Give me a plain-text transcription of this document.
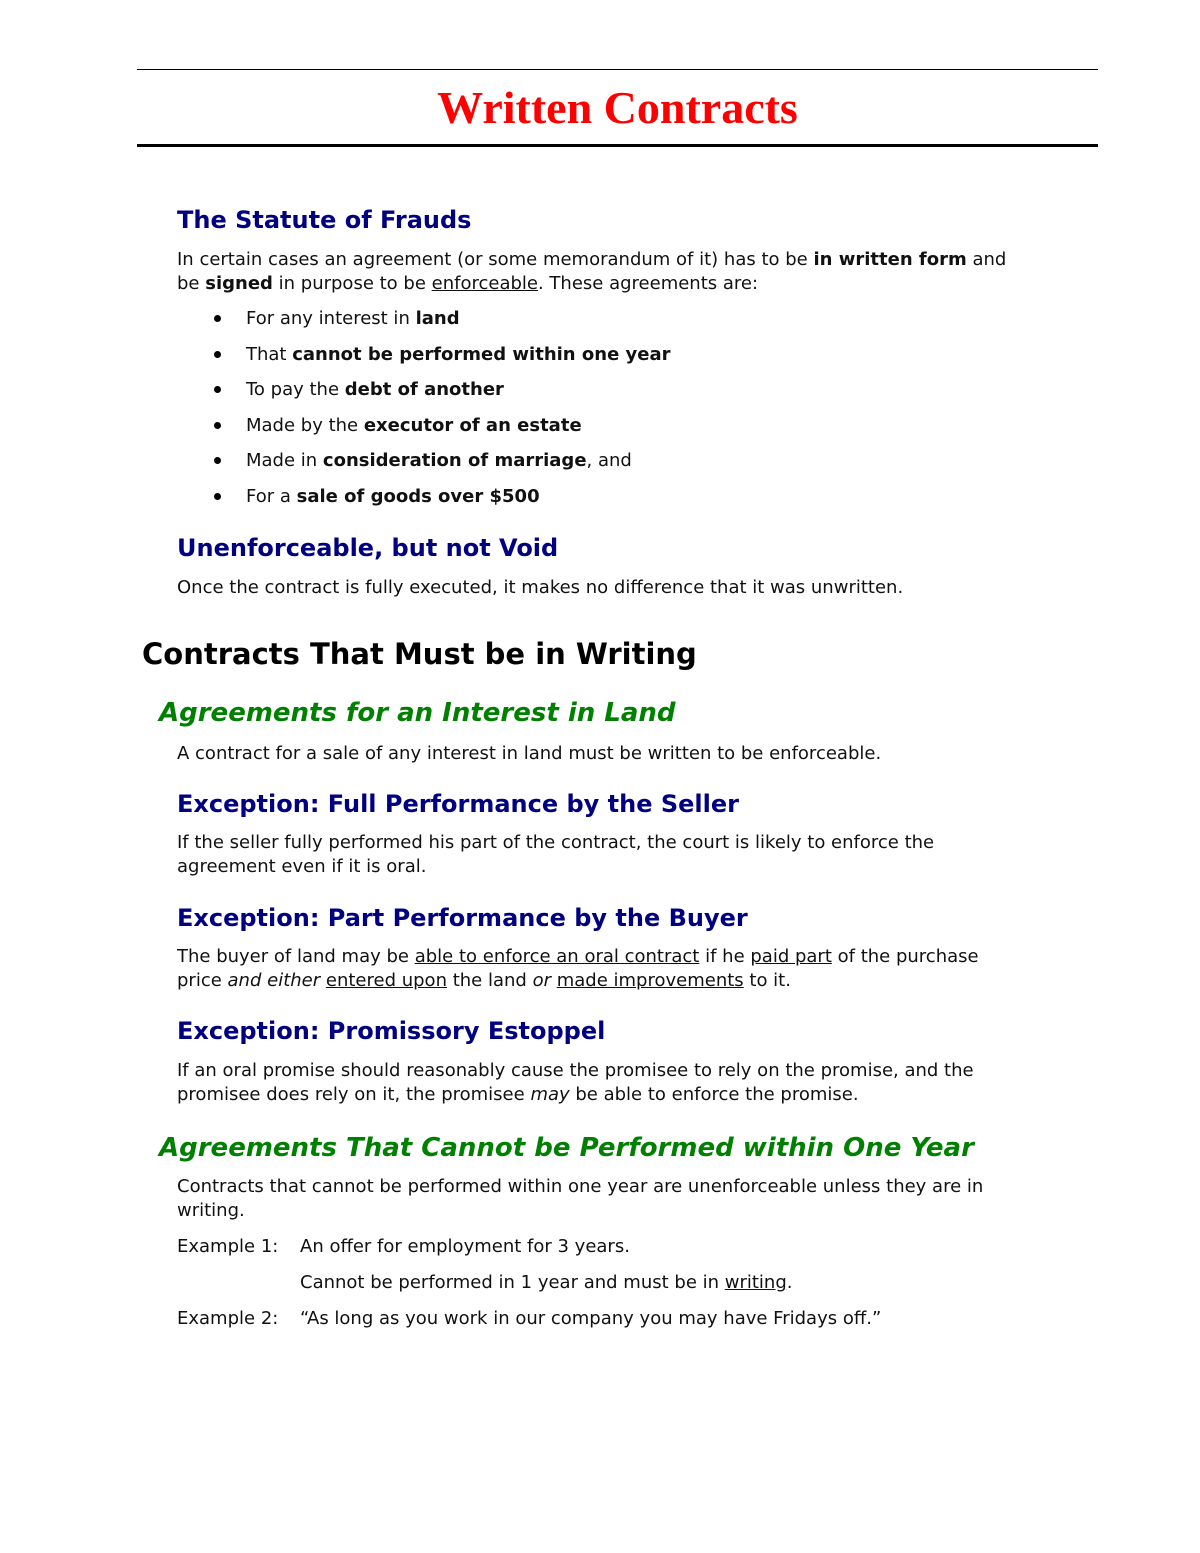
Written Contracts
The Statute of Frauds

In certain cases an agreement (or some memorandum of it) has to be in written form and

be signed in purpose to be enforceable. These agreements are:

For any interest in land
That cannot be performed within one year
To pay the debt of another
Made by the executor of an estate
Made in consideration of marriage, and
For a sale of goods over $500
Unenforceable, but not Void

Once the contract is fully executed, it makes no difference that it was unwritten.

Contracts That Must be in Writing
Agreements for an Interest in Land

A contract for a sale of any interest in land must be written to be enforceable.

Exception: Full Performance by the Seller

If the seller fully performed his part of the contract, the court is likely to enforce the

agreement even if it is oral.

Exception: Part Performance by the Buyer

The buyer of land may be able to enforce an oral contract if he paid part of the purchase

price and either entered upon the land or made improvements to it.

Exception: Promissory Estoppel

If an oral promise should reasonably cause the promisee to rely on the promise, and the

promisee does rely on it, the promisee may be able to enforce the promise.

Agreements That Cannot be Performed within One Year

Contracts that cannot be performed within one year are unenforceable unless they are in

writing.

Example 1: An offer for employment for 3 years.

Cannot be performed in 1 year and must be in writing.

Example 2: “As long as you work in our company you may have Fridays off.”
